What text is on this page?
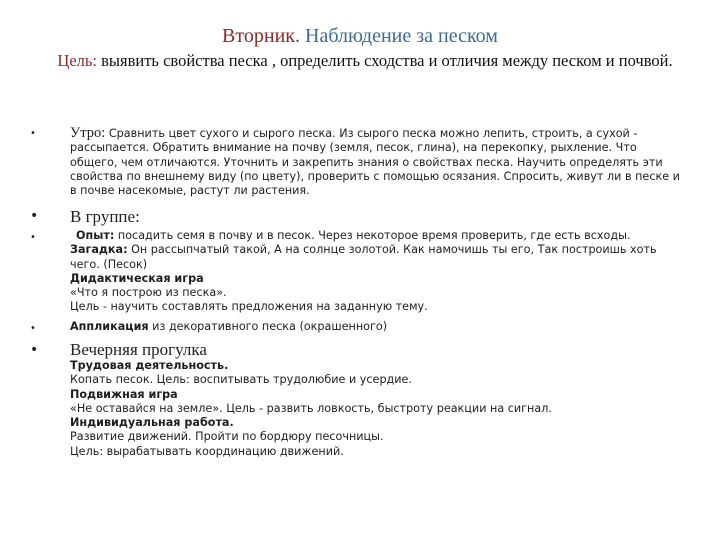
Вторник. Наблюдение за песком
Цель: выявить свойства песка , определить сходства и отличия между песком и почвой.
• Утро: Сравнить цвет сухого и сырого песка. Из сырого песка можно лепить, строить, а сухой - рассыпается. Обратить внимание на почву (земля, песок, глина), на перекопку, рыхление. Что общего, чем отличаются. Уточнить и закрепить знания о свойствах песка. Научить определять эти свойства по внешнему виду (по цвету), проверить с помощью осязания. Спросить, живут ли в песке и в почве насекомые, растут ли растения.
• В группе:
•	Опыт: посадить семя в почву и в песок. Через некоторое время проверить, где есть всходы.
Загадка: Он рассыпчатый такой, А на солнце золотой. Как намочишь ты его, Так построишь хоть чего. (Песок)
Дидактическая игра
«Что я построю из песка».
Цель - научить составлять предложения на заданную тему.
•	Аппликация из декоративного песка (окрашенного)
• Вечерняя прогулка
Трудовая деятельность.
Копать песок. Цель: воспитывать трудолюбие и усердие.
Подвижная игра
«Не оставайся на земле». Цель - развить ловкость, быстроту реакции на сигнал.
Индивидуальная работа.
Развитие движений. Пройти по бордюру песочницы.
Цель: вырабатывать координацию движений.
